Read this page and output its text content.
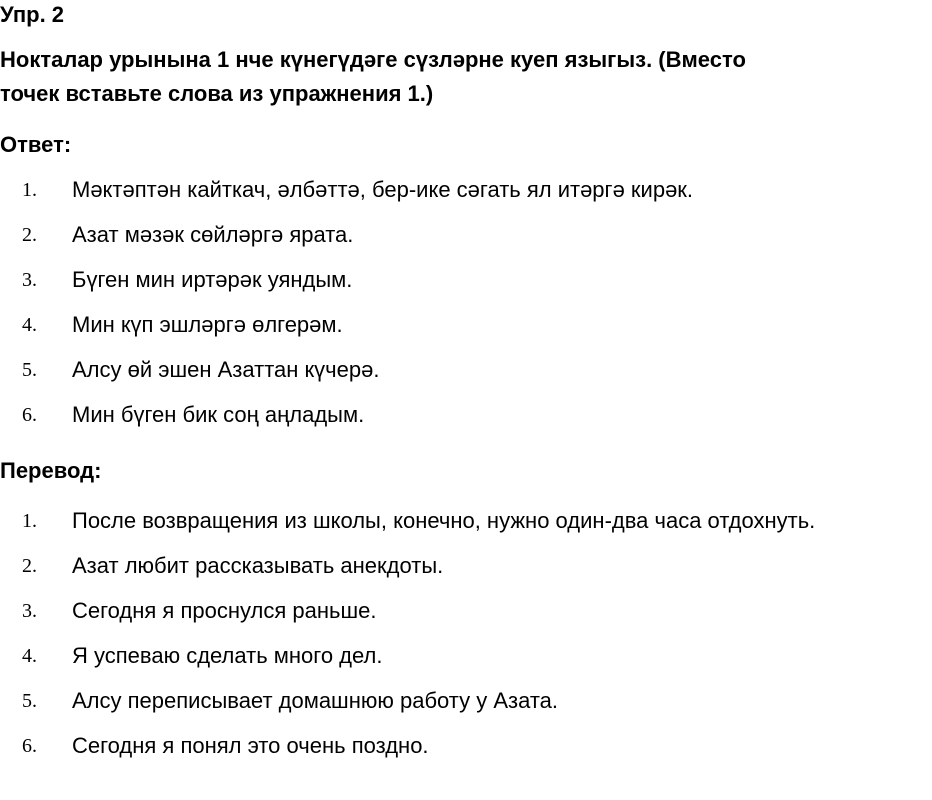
Упр. 2
Нокталар урынына 1 нче күнегүдәге сүзләрне куеп языгыз. (Вместо
точек вставьте слова из упражнения 1.)
Ответ:
1.	Мәктәптән кайткач, әлбәттә, бер-ике сәгать ял итәргә кирәк.
2.	Азат мәзәк сөйләргә ярата.
3.	Бүген мин иртәрәк уяндым.
4.	Мин күп эшләргә өлгерәм.
5.	Алсу өй эшен Азаттан күчерә.
6.	Мин бүген бик соң аңладым.
Перевод:
1.	После возвращения из школы, конечно, нужно один-два часа отдохнуть.
2.	Азат любит рассказывать анекдоты.
3.	Сегодня я проснулся раньше.
4.	Я успеваю сделать много дел.
5.	Алсу переписывает домашнюю работу у Азата.
6.	Сегодня я понял это очень поздно.
